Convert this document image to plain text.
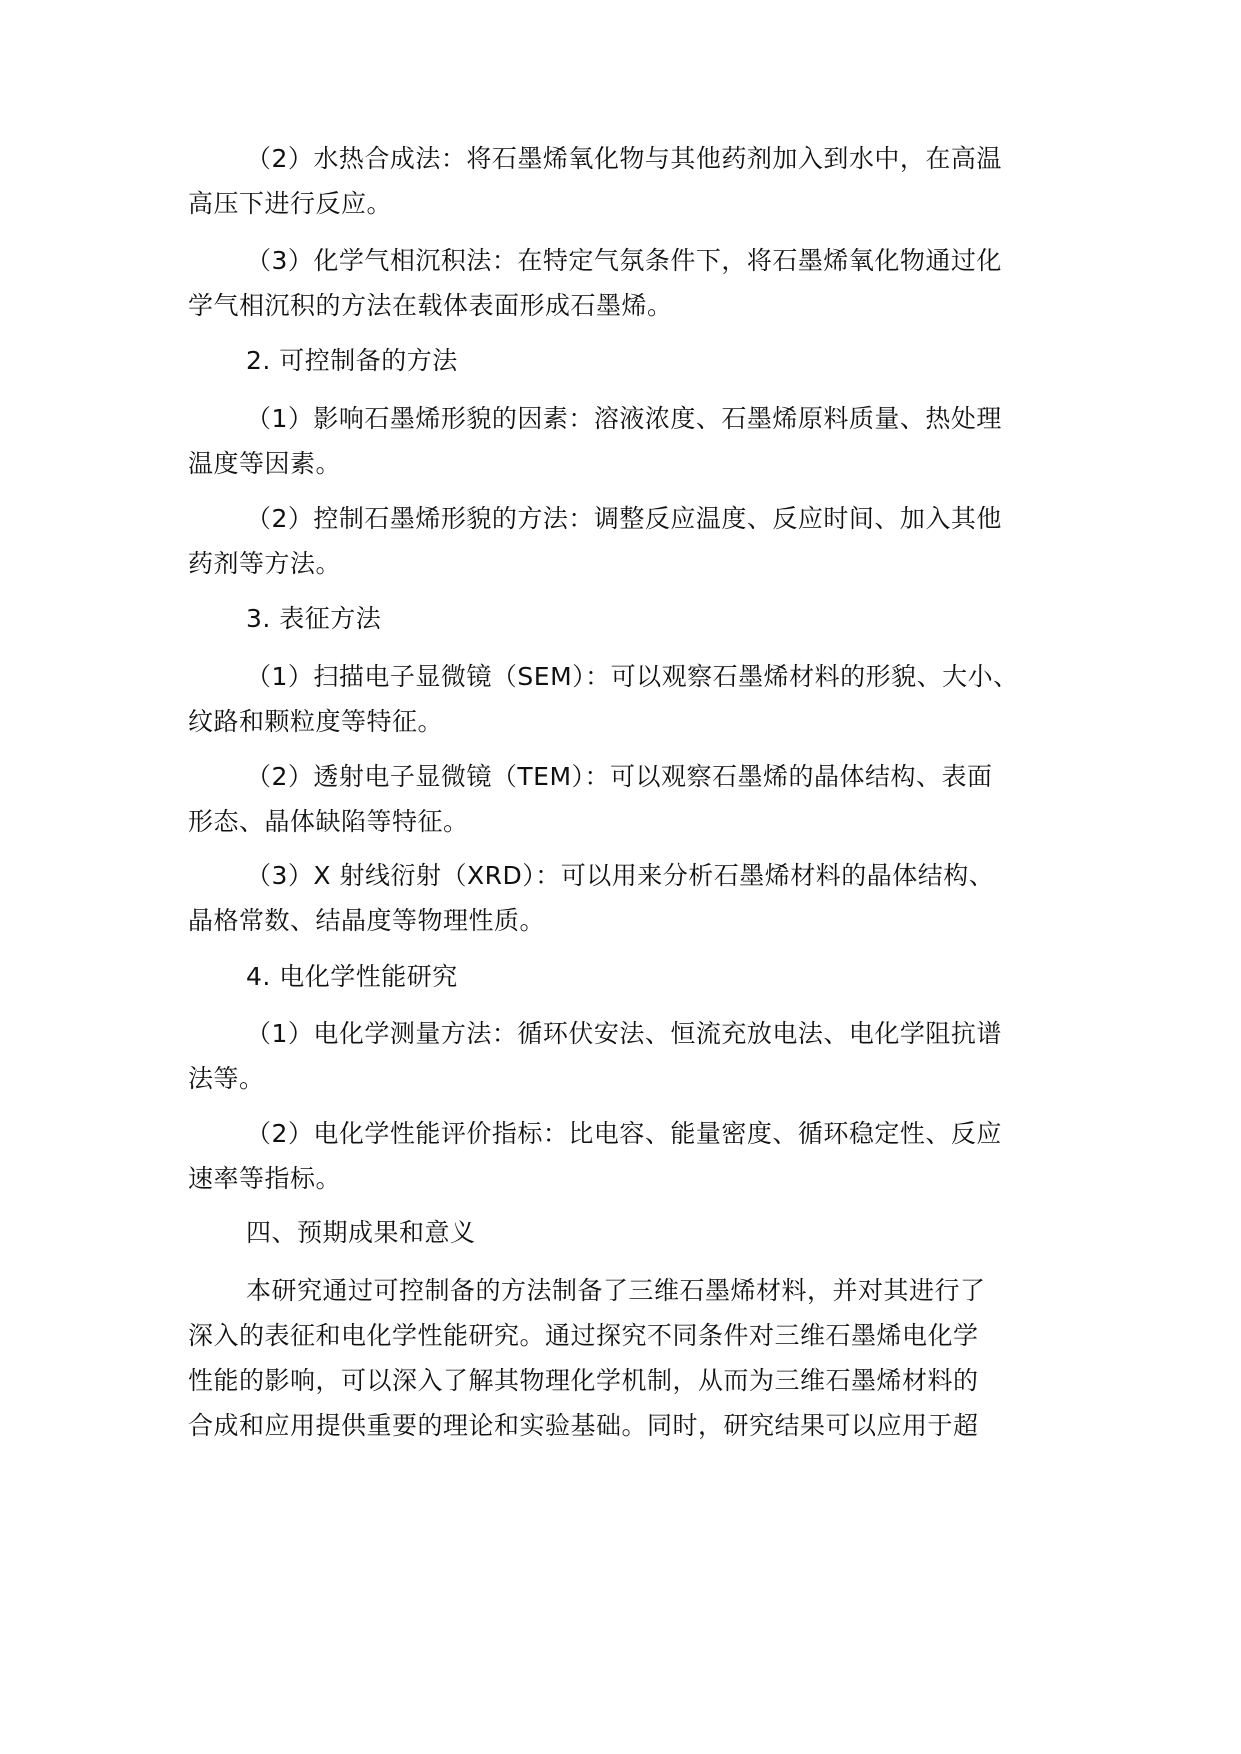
（2）水热合成法：将石墨烯氧化物与其他药剂加入到水中，在高温
高压下进行反应。
（3）化学气相沉积法：在特定气氛条件下，将石墨烯氧化物通过化
学气相沉积的方法在载体表面形成石墨烯。
2. 可控制备的方法
（1）影响石墨烯形貌的因素：溶液浓度、石墨烯原料质量、热处理
温度等因素。
（2）控制石墨烯形貌的方法：调整反应温度、反应时间、加入其他
药剂等方法。
3. 表征方法
（1）扫描电子显微镜（SEM）：可以观察石墨烯材料的形貌、大小、
纹路和颗粒度等特征。
（2）透射电子显微镜（TEM）：可以观察石墨烯的晶体结构、表面
形态、晶体缺陷等特征。
（3）X 射线衍射（XRD）：可以用来分析石墨烯材料的晶体结构、
晶格常数、结晶度等物理性质。
4. 电化学性能研究
（1）电化学测量方法：循环伏安法、恒流充放电法、电化学阻抗谱
法等。
（2）电化学性能评价指标：比电容、能量密度、循环稳定性、反应
速率等指标。
四、预期成果和意义
本研究通过可控制备的方法制备了三维石墨烯材料，并对其进行了
深入的表征和电化学性能研究。通过探究不同条件对三维石墨烯电化学
性能的影响，可以深入了解其物理化学机制，从而为三维石墨烯材料的
合成和应用提供重要的理论和实验基础。同时，研究结果可以应用于超
